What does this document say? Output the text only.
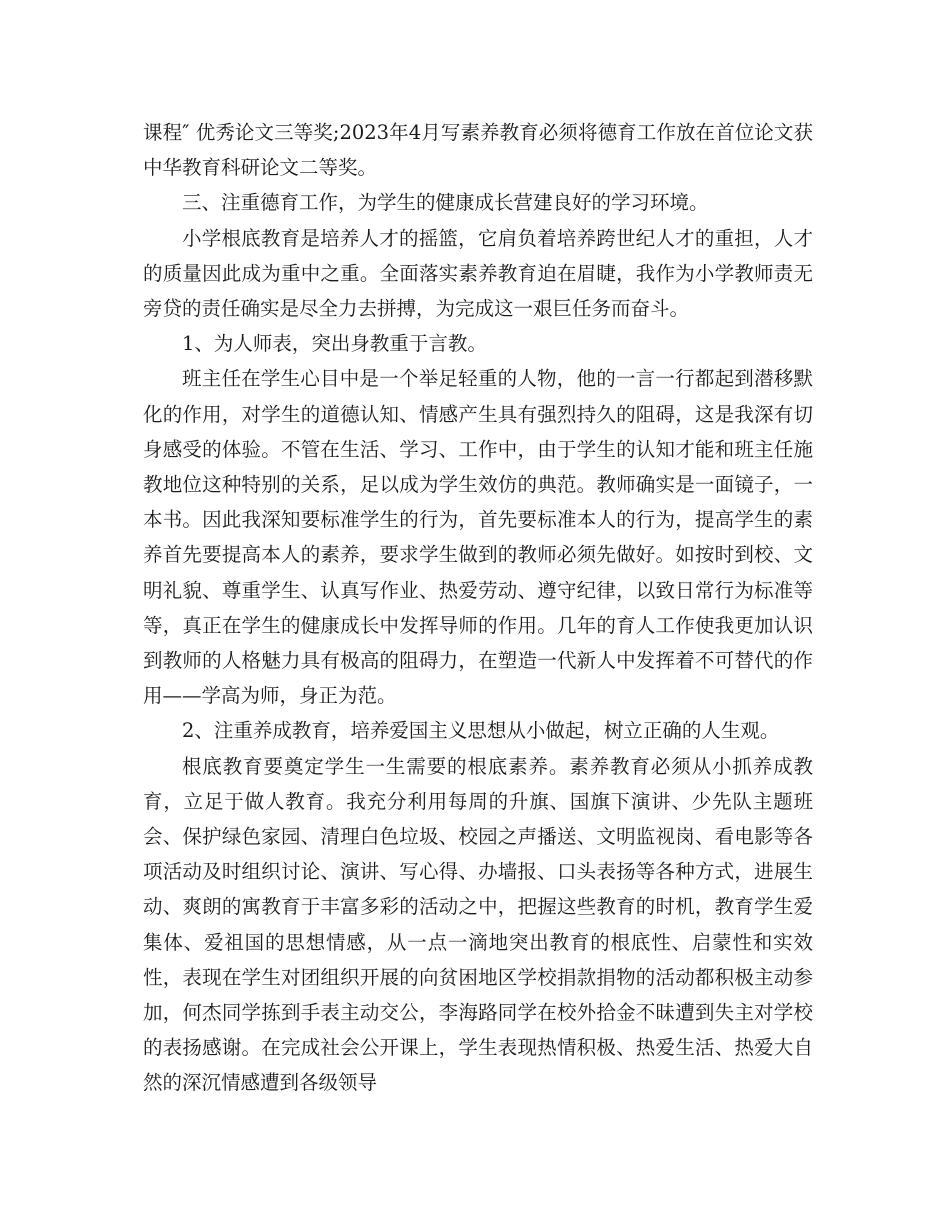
课程″ 优秀论文三等奖;2023年4月写素养教育必须将德育工作放在首位论文获中华教育科研论文二等奖。

三、注重德育工作，为学生的健康成长营建良好的学习环境。

小学根底教育是培养人才的摇篮，它肩负着培养跨世纪人才的重担，人才的质量因此成为重中之重。全面落实素养教育迫在眉睫，我作为小学教师责无旁贷的责任确实是尽全力去拼搏，为完成这一艰巨任务而奋斗。

1、为人师表，突出身教重于言教。

班主任在学生心目中是一个举足轻重的人物，他的一言一行都起到潜移默化的作用，对学生的道德认知、情感产生具有强烈持久的阻碍，这是我深有切身感受的体验。不管在生活、学习、工作中，由于学生的认知才能和班主任施教地位这种特别的关系，足以成为学生效仿的典范。教师确实是一面镜子，一本书。因此我深知要标准学生的行为，首先要标准本人的行为，提高学生的素养首先要提高本人的素养，要求学生做到的教师必须先做好。如按时到校、文明礼貌、尊重学生、认真写作业、热爱劳动、遵守纪律，以致日常行为标准等等，真正在学生的健康成长中发挥导师的作用。几年的育人工作使我更加认识到教师的人格魅力具有极高的阻碍力，在塑造一代新人中发挥着不可替代的作用——学高为师，身正为范。

2、注重养成教育，培养爱国主义思想从小做起，树立正确的人生观。

根底教育要奠定学生一生需要的根底素养。素养教育必须从小抓养成教育，立足于做人教育。我充分利用每周的升旗、国旗下演讲、少先队主题班会、保护绿色家园、清理白色垃圾、校园之声播送、文明监视岗、看电影等各项活动及时组织讨论、演讲、写心得、办墙报、口头表扬等各种方式，进展生动、爽朗的寓教育于丰富多彩的活动之中，把握这些教育的时机，教育学生爱集体、爱祖国的思想情感，从一点一滴地突出教育的根底性、启蒙性和实效性，表现在学生对团组织开展的向贫困地区学校捐款捐物的活动都积极主动参加，何杰同学拣到手表主动交公，李海路同学在校外拾金不昧遭到失主对学校的表扬感谢。在完成社会公开课上，学生表现热情积极、热爱生活、热爱大自然的深沉情感遭到各级领导
